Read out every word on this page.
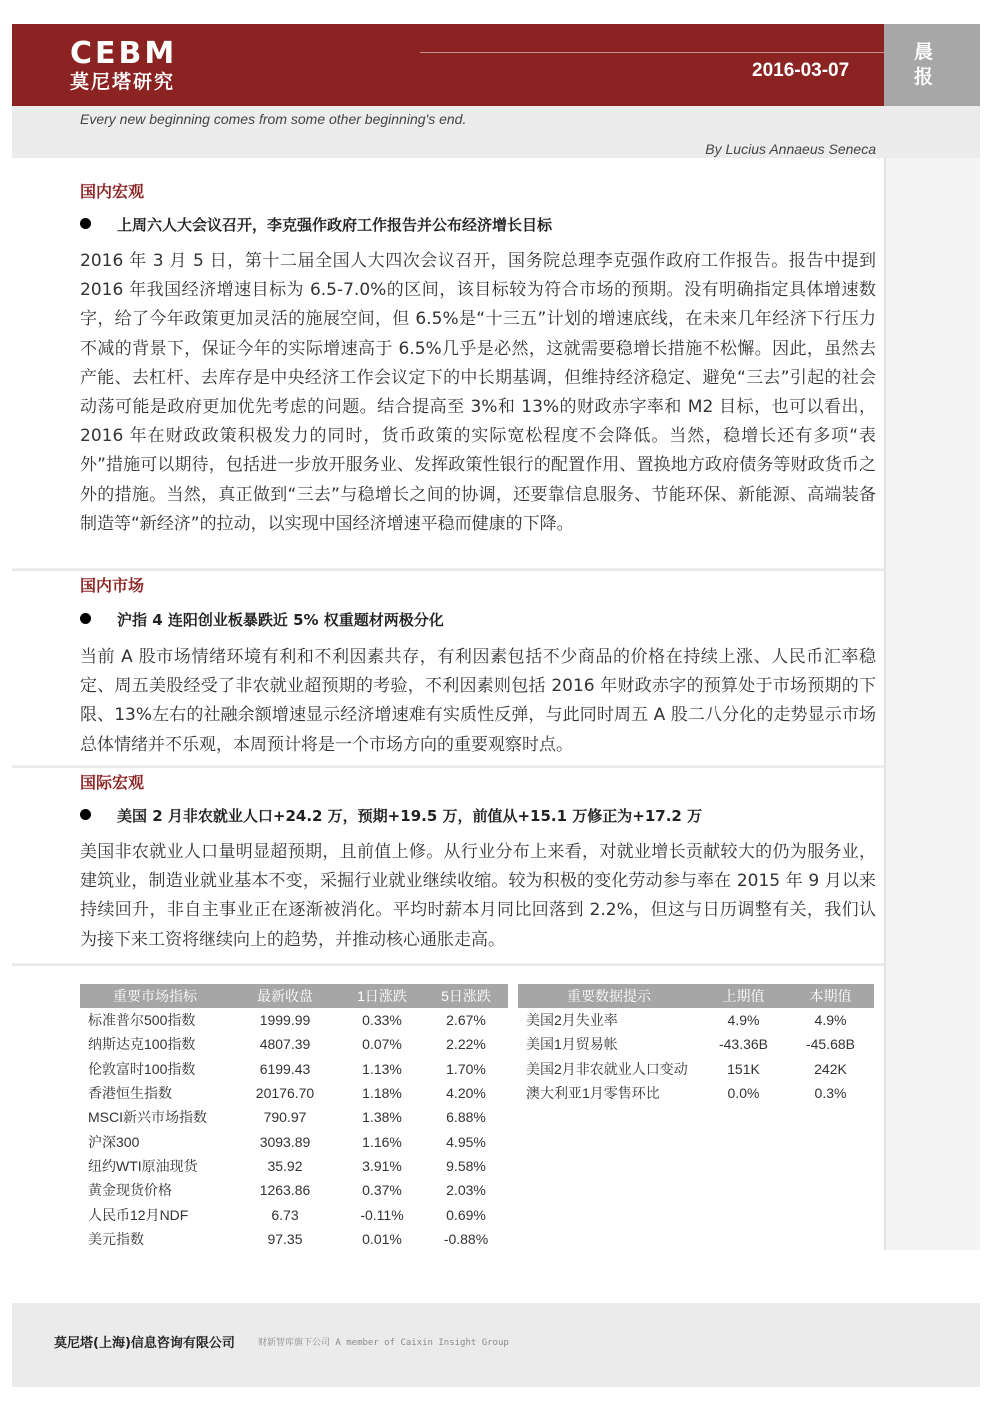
CEBM
莫尼塔研究
2016-03-07
晨报
Every new beginning comes from some other beginning's end.
By Lucius Annaeus Seneca
国内宏观
上周六人大会议召开，李克强作政府工作报告并公布经济增长目标
2016 年 3 月 5 日，第十二届全国人大四次会议召开，国务院总理李克强作政府工作报告。报告中提到 2016 年我国经济增速目标为 6.5-7.0%的区间，该目标较为符合市场的预期。没有明确指定具体增速数字，给了今年政策更加灵活的施展空间，但 6.5%是“十三五”计划的增速底线，在未来几年经济下行压力不减的背景下，保证今年的实际增速高于 6.5%几乎是必然，这就需要稳增长措施不松懈。因此，虽然去产能、去杠杆、去库存是中央经济工作会议定下的中长期基调，但维持经济稳定、避免“三去”引起的社会动荡可能是政府更加优先考虑的问题。结合提高至 3%和 13%的财政赤字率和 M2 目标，也可以看出，2016 年在财政政策积极发力的同时，货币政策的实际宽松程度不会降低。当然，稳增长还有多项“表外”措施可以期待，包括进一步放开服务业、发挥政策性银行的配置作用、置换地方政府债务等财政货币之外的措施。当然，真正做到“三去”与稳增长之间的协调，还要靠信息服务、节能环保、新能源、高端装备制造等“新经济”的拉动，以实现中国经济增速平稳而健康的下降。
国内市场
沪指 4 连阳创业板暴跌近 5% 权重题材两极分化
当前 A 股市场情绪环境有利和不利因素共存，有利因素包括不少商品的价格在持续上涨、人民币汇率稳定、周五美股经受了非农就业超预期的考验，不利因素则包括 2016 年财政赤字的预算处于市场预期的下限、13%左右的社融余额增速显示经济增速难有实质性反弹，与此同时周五 A 股二八分化的走势显示市场总体情绪并不乐观，本周预计将是一个市场方向的重要观察时点。
国际宏观
美国 2 月非农就业人口+24.2 万，预期+19.5 万，前值从+15.1 万修正为+17.2 万
美国非农就业人口量明显超预期，且前值上修。从行业分布上来看，对就业增长贡献较大的仍为服务业，建筑业，制造业就业基本不变，采掘行业就业继续收缩。较为积极的变化劳动参与率在 2015 年 9 月以来持续回升，非自主事业正在逐渐被消化。平均时薪本月同比回落到 2.2%，但这与日历调整有关，我们认为接下来工资将继续向上的趋势，并推动核心通胀走高。
重要市场指标	最新收盘	1日涨跌	5日涨跌
标准普尔500指数	1999.99	0.33%	2.67%
纳斯达克100指数	4807.39	0.07%	2.22%
伦敦富时100指数	6199.43	1.13%	1.70%
香港恒生指数	20176.70	1.18%	4.20%
MSCI新兴市场指数	790.97	1.38%	6.88%
沪深300	3093.89	1.16%	4.95%
纽约WTI原油现货	35.92	3.91%	9.58%
黄金现货价格	1263.86	0.37%	2.03%
人民币12月NDF	6.73	-0.11%	0.69%
美元指数	97.35	0.01%	-0.88%
重要数据提示	上期值	本期值
美国2月失业率	4.9%	4.9%
美国1月贸易帐	-43.36B	-45.68B
美国2月非农就业人口变动	151K	242K
澳大利亚1月零售环比	0.0%	0.3%
莫尼塔(上海)信息咨询有限公司	财新智库旗下公司 A member of Caixin Insight Group
